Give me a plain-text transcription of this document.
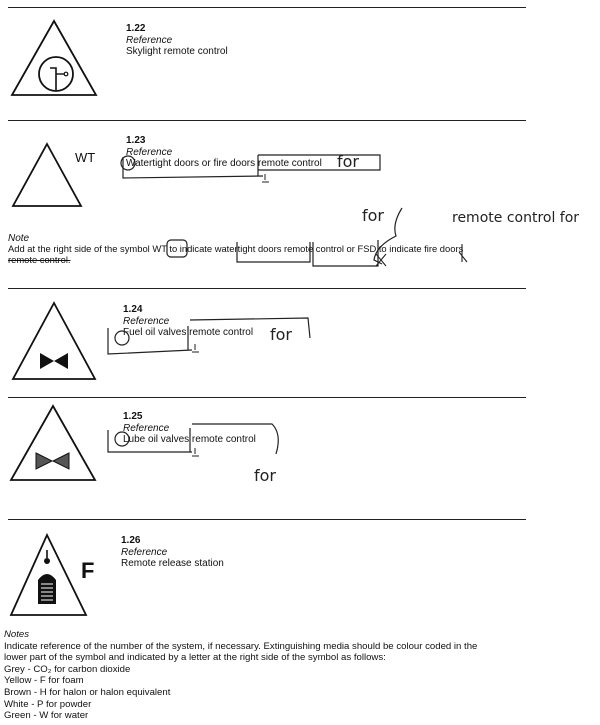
1.22
Reference
Skylight remote control
WT
1.23
Reference
Watertight doors or fire doors remote control for
Note
Add at the right side of the symbol WT to indicate watertight doors remote control or FSD to indicate fire doors
remote control.
for	remote control for
1.24
Reference
Fuel oil valves remote control for
1.25
Reference
Lube oil valves remote control
for
F
1.26
Reference
Remote release station
Notes
Indicate reference of the number of the system, if necessary. Extinguishing media should be colour coded in the
lower part of the symbol and indicated by a letter at the right side of the symbol as follows:
Grey - CO₂ for carbon dioxide
Yellow - F for foam
Brown - H for halon or halon equivalent
White - P for powder
Green - W for water
